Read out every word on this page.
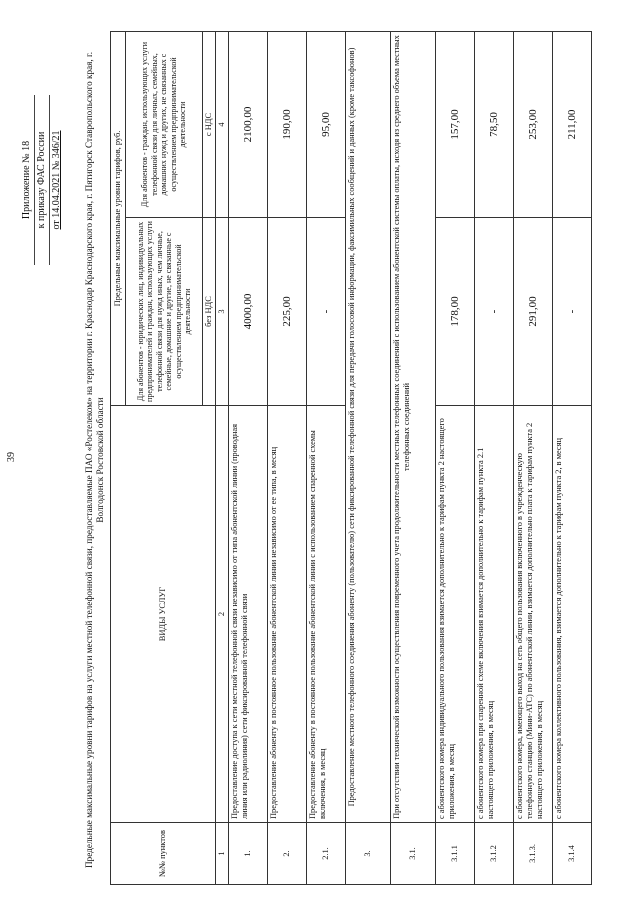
39
Приложение № 18 к приказу ФАС России от 14.04.2021 № 346/21 Предельные максимальные уровни тарифов на услуги местной телефонной связи, предоставляемые ПАО «Ростелеком» на территории г. Краснодар Краснодарского края, г. Пятигорск Ставропольского края, г. Волгодонск Ростовской области
№№ пунктов	ВИДЫ УСЛУГ	Предельные максимальные уровни тарифов, руб.	
		Для абонентов - юридических лиц, индивидуальных предпринимателей и граждан, использующих услуги телефонной связи для нужд иных, чем личные, семейные, домашние и другие, не связанные с осуществлением предпринимательской деятельности	Для абонентов - граждан, использующих услуги телефонной связи для личных, семейных, домашних нужд и других, не связанных с осуществлением предпринимательской деятельности
		без НДС	с НДС
1	2	3	4
1.	Предоставление доступа к сети местной телефонной связи независимо от типа абонентской линии (проводная линия или радиолиния) сети фиксированной телефонной связи	4000,00	2100,00
2.	Предоставление абоненту в постоянное пользование абонентской линии независимо от ее типа, в месяц	225,00	190,00
2.1.	Предоставление абоненту в постоянное пользование абонентской линии с использованием спаренной схемы включения, в месяц	-	95,00
3.	Предоставление местного телефонного соединения абоненту (пользователю) сети фиксированной телефонной связи для передачи голосовой информации, факсимильных сообщений и данных (кроме таксофонов)		
3.1.	При отсутствии технической возможности осуществления повременного учета продолжительности местных телефонных соединений с использованием абонентской системы оплаты, исходя из среднего объема местных телефонных соединений		
3.1.1	с абонентского номера индивидуального пользования взимается дополнительно к тарифам пункта 2 настоящего приложения, в месяц	178,00	157,00
3.1.2	с абонентского номера при спаренной схеме включения взимается дополнительно к тарифам пункта 2.1 настоящего приложения, в месяц	-	78,50
3.1.3.	с абонентского номера, имеющего выход на сеть общего пользования включенного в учрежденческую телефонную станцию (Мини-АТС) по абонентской линии, взимается дополнительно плата к тарифам пункта 2 настоящего приложения, в месяц	291,00	253,00
3.1.4	с абонентского номера коллективного пользования, взимается дополнительно к тарифам пункта 2, в месяц	-	211,00
